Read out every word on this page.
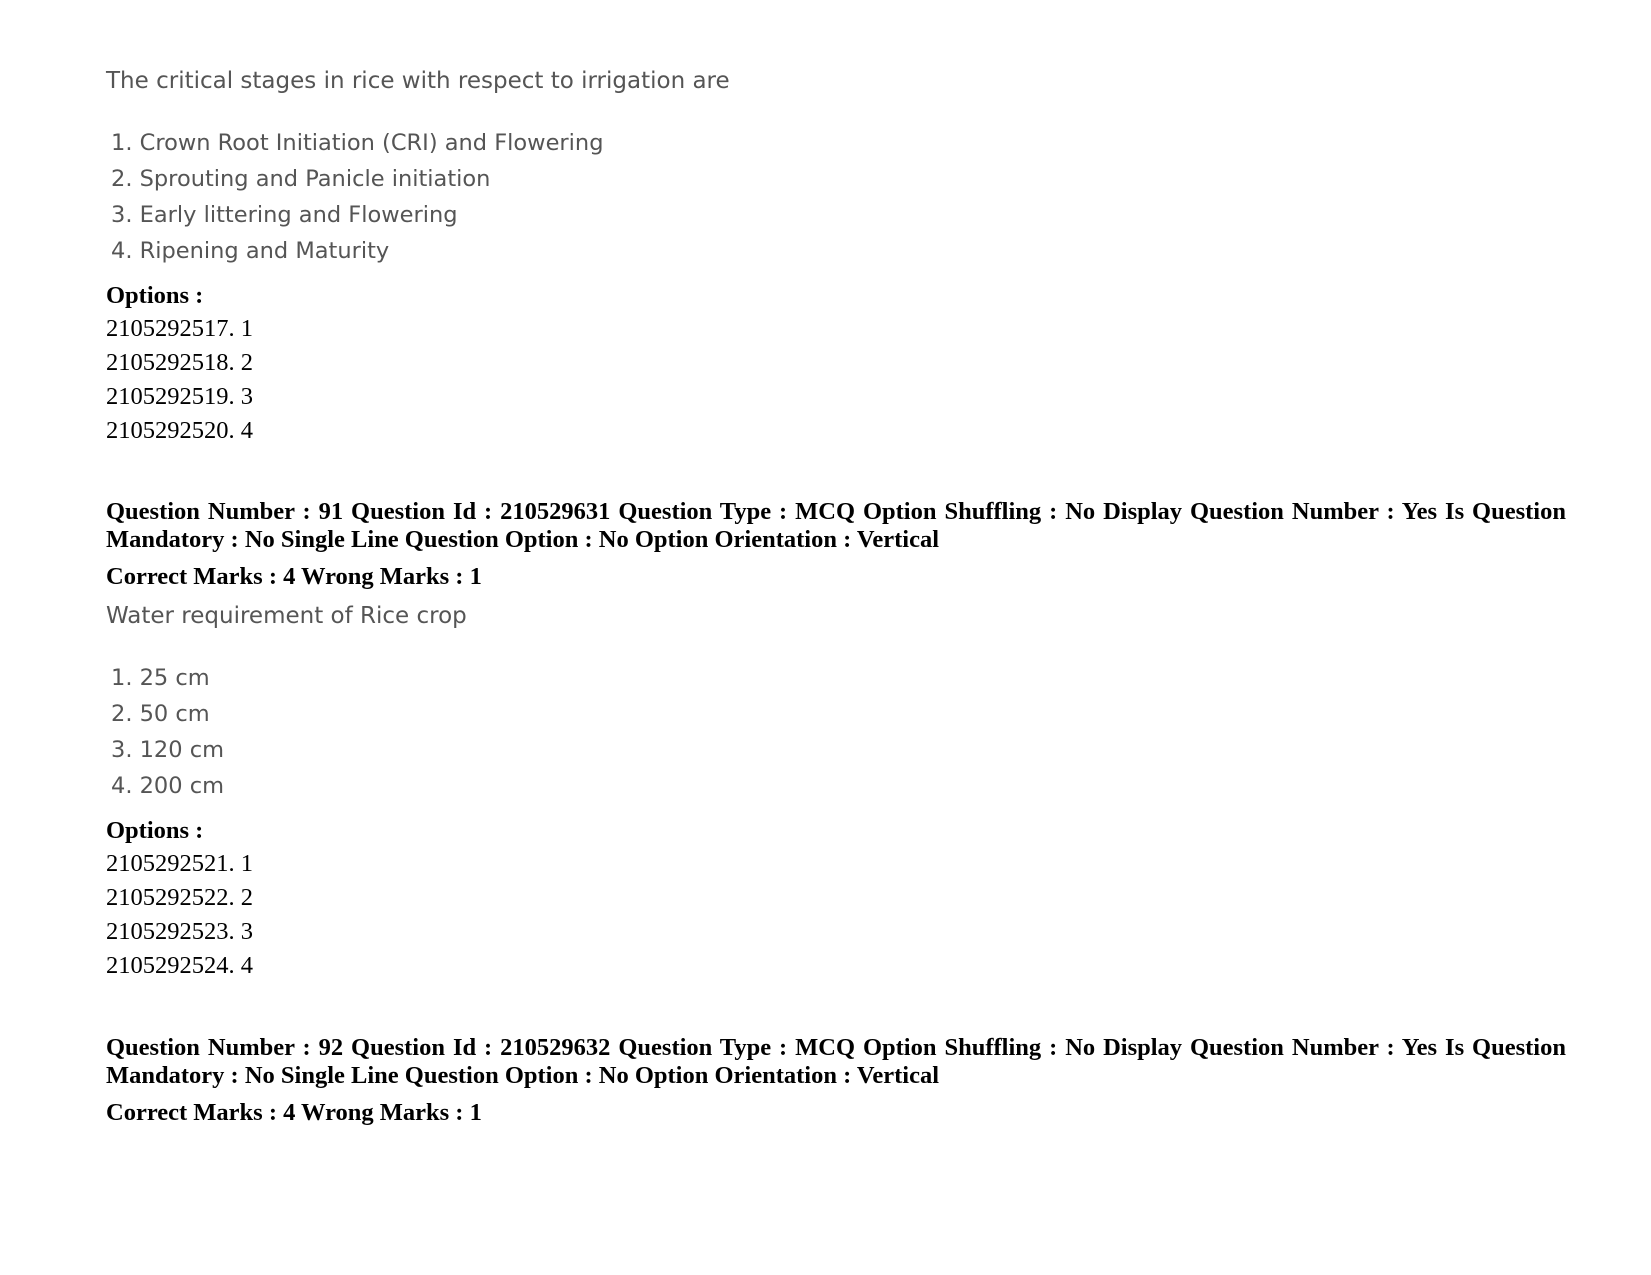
The critical stages in rice with respect to irrigation are

1. Crown Root Initiation (CRI) and Flowering

2. Sprouting and Panicle initiation

3. Early littering and Flowering

4. Ripening and Maturity

Options :

2105292517. 1

2105292518. 2

2105292519. 3

2105292520. 4

Question Number : 91 Question Id : 210529631 Question Type : MCQ Option Shuffling : No Display Question Number : Yes Is Question Mandatory : No Single Line Question Option : No Option Orientation : Vertical

Correct Marks : 4 Wrong Marks : 1

Water requirement of Rice crop

1. 25 cm

2. 50 cm

3. 120 cm

4. 200 cm

Options :

2105292521. 1

2105292522. 2

2105292523. 3

2105292524. 4

Question Number : 92 Question Id : 210529632 Question Type : MCQ Option Shuffling : No Display Question Number : Yes Is Question Mandatory : No Single Line Question Option : No Option Orientation : Vertical

Correct Marks : 4 Wrong Marks : 1
